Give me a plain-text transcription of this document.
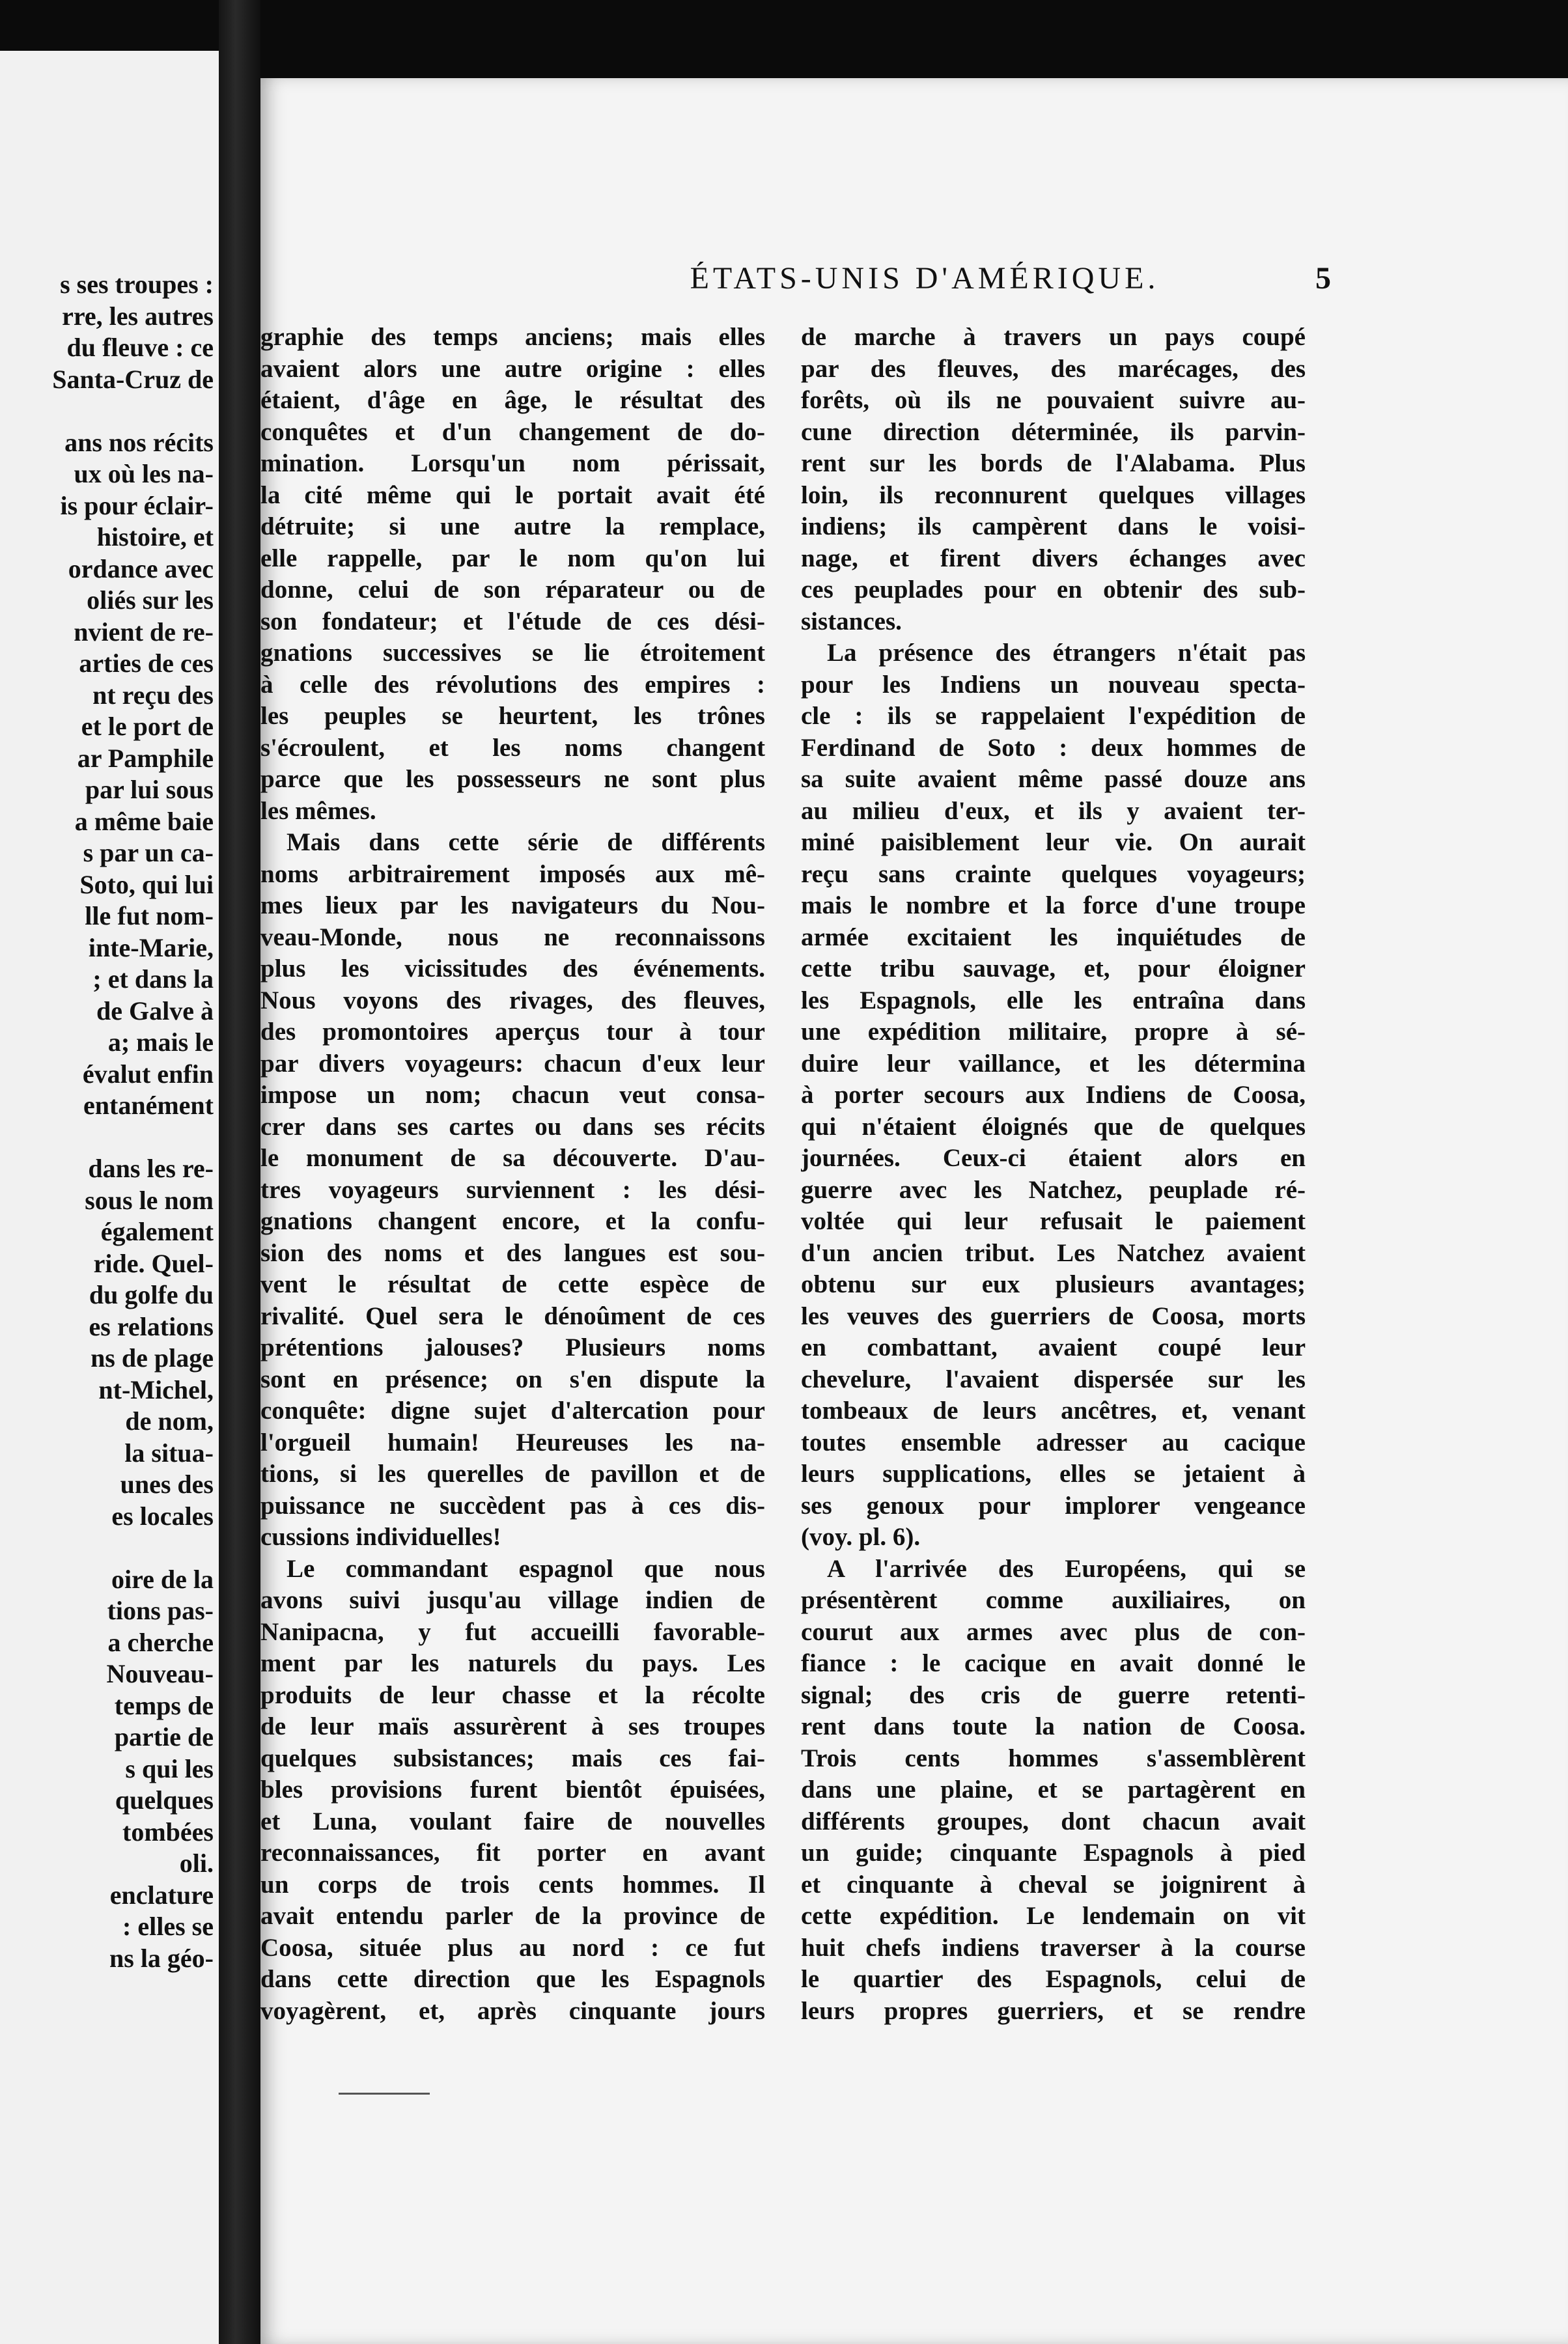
s ses troupes :
rre, les autres
du fleuve : ce
Santa-Cruz de
ans nos récits
ux où les na-
is pour éclair-
histoire, et
ordance avec
oliés sur les
nvient de re-
arties de ces
nt reçu des
et le port de
ar Pamphile
par lui sous
a même baie
s par un ca-
Soto, qui lui
lle fut nom-
inte-Marie,
; et dans la
de Galve à
a; mais le
évalut enfin
entanément
dans les re-
sous le nom
également
ride. Quel-
du golfe du
es relations
ns de plage
nt-Michel,
de nom,
la situa-
unes des
es locales
oire de la
tions pas-
a cherche
Nouveau-
temps de
partie de
s qui les
quelques
tombées
oli.
enclature
: elles se
ns la géo-
ÉTATS-UNIS D'AMÉRIQUE.	5
graphie des temps anciens; mais elles
avaient alors une autre origine : elles
étaient, d'âge en âge, le résultat des
conquêtes et d'un changement de do-
mination. Lorsqu'un nom périssait,
la cité même qui le portait avait été
détruite; si une autre la remplace,
elle rappelle, par le nom qu'on lui
donne, celui de son réparateur ou de
son fondateur; et l'étude de ces dési-
gnations successives se lie étroitement
à celle des révolutions des empires :
les peuples se heurtent, les trônes
s'écroulent, et les noms changent
parce que les possesseurs ne sont plus
les mêmes.
Mais dans cette série de différents
noms arbitrairement imposés aux mê-
mes lieux par les navigateurs du Nou-
veau-Monde, nous ne reconnaissons
plus les vicissitudes des événements.
Nous voyons des rivages, des fleuves,
des promontoires aperçus tour à tour
par divers voyageurs: chacun d'eux leur
impose un nom; chacun veut consa-
crer dans ses cartes ou dans ses récits
le monument de sa découverte. D'au-
tres voyageurs surviennent : les dési-
gnations changent encore, et la confu-
sion des noms et des langues est sou-
vent le résultat de cette espèce de
rivalité. Quel sera le dénoûment de ces
prétentions jalouses? Plusieurs noms
sont en présence; on s'en dispute la
conquête: digne sujet d'altercation pour
l'orgueil humain! Heureuses les na-
tions, si les querelles de pavillon et de
puissance ne succèdent pas à ces dis-
cussions individuelles!
Le commandant espagnol que nous
avons suivi jusqu'au village indien de
Nanipacna, y fut accueilli favorable-
ment par les naturels du pays. Les
produits de leur chasse et la récolte
de leur maïs assurèrent à ses troupes
quelques subsistances; mais ces fai-
bles provisions furent bientôt épuisées,
et Luna, voulant faire de nouvelles
reconnaissances, fit porter en avant
un corps de trois cents hommes. Il
avait entendu parler de la province de
Coosa, située plus au nord : ce fut
dans cette direction que les Espagnols
voyagèrent, et, après cinquante jours
de marche à travers un pays coupé
par des fleuves, des marécages, des
forêts, où ils ne pouvaient suivre au-
cune direction déterminée, ils parvin-
rent sur les bords de l'Alabama. Plus
loin, ils reconnurent quelques villages
indiens; ils campèrent dans le voisi-
nage, et firent divers échanges avec
ces peuplades pour en obtenir des sub-
sistances.
La présence des étrangers n'était pas
pour les Indiens un nouveau specta-
cle : ils se rappelaient l'expédition de
Ferdinand de Soto : deux hommes de
sa suite avaient même passé douze ans
au milieu d'eux, et ils y avaient ter-
miné paisiblement leur vie. On aurait
reçu sans crainte quelques voyageurs;
mais le nombre et la force d'une troupe
armée excitaient les inquiétudes de
cette tribu sauvage, et, pour éloigner
les Espagnols, elle les entraîna dans
une expédition militaire, propre à sé-
duire leur vaillance, et les détermina
à porter secours aux Indiens de Coosa,
qui n'étaient éloignés que de quelques
journées. Ceux-ci étaient alors en
guerre avec les Natchez, peuplade ré-
voltée qui leur refusait le paiement
d'un ancien tribut. Les Natchez avaient
obtenu sur eux plusieurs avantages;
les veuves des guerriers de Coosa, morts
en combattant, avaient coupé leur
chevelure, l'avaient dispersée sur les
tombeaux de leurs ancêtres, et, venant
toutes ensemble adresser au cacique
leurs supplications, elles se jetaient à
ses genoux pour implorer vengeance
(voy. pl. 6).
A l'arrivée des Européens, qui se
présentèrent comme auxiliaires, on
courut aux armes avec plus de con-
fiance : le cacique en avait donné le
signal; des cris de guerre retenti-
rent dans toute la nation de Coosa.
Trois cents hommes s'assemblèrent
dans une plaine, et se partagèrent en
différents groupes, dont chacun avait
un guide; cinquante Espagnols à pied
et cinquante à cheval se joignirent à
cette expédition. Le lendemain on vit
huit chefs indiens traverser à la course
le quartier des Espagnols, celui de
leurs propres guerriers, et se rendre
